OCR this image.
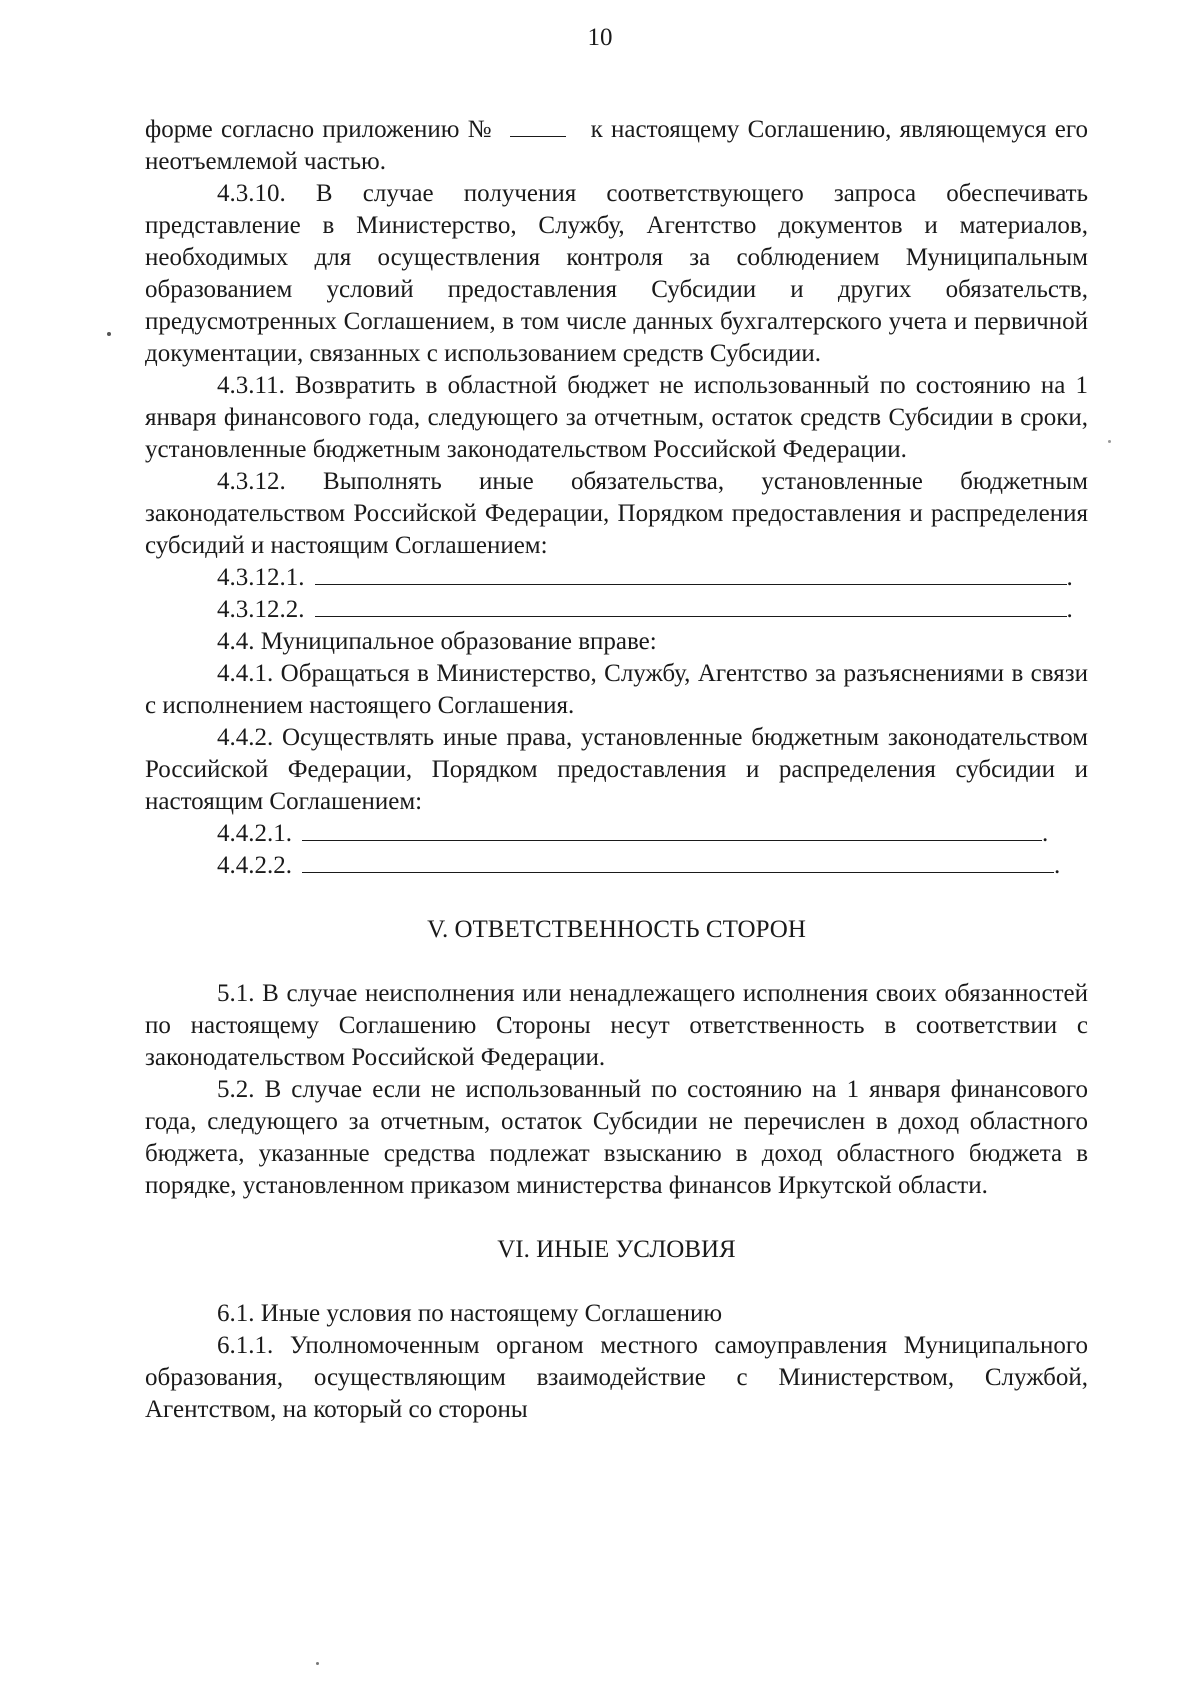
10

форме согласно приложению №	к настоящему Соглашению, являющемуся его неотъемлемой частью.

4.3.10. В случае получения соответствующего запроса обеспечивать представление в Министерство, Службу, Агентство документов и материалов, необходимых для осуществления контроля за соблюдением Муниципальным образованием условий предоставления Субсидии и других обязательств, предусмотренных Соглашением, в том числе данных бухгалтерского учета и первичной документации, связанных с использованием средств Субсидии.

4.3.11. Возвратить в областной бюджет не использованный по состоянию на 1 января финансового года, следующего за отчетным, остаток средств Субсидии в сроки, установленные бюджетным законодательством Российской Федерации.

4.3.12. Выполнять иные обязательства, установленные бюджетным законодательством Российской Федерации, Порядком предоставления и распределения субсидий и настоящим Соглашением:

4.3.12.1.	.

4.3.12.2.	.

4.4. Муниципальное образование вправе:

4.4.1. Обращаться в Министерство, Службу, Агентство за разъяснениями в связи с исполнением настоящего Соглашения.

4.4.2. Осуществлять иные права, установленные бюджетным законодательством Российской Федерации, Порядком предоставления и распределения субсидии и настоящим Соглашением:

4.4.2.1.	.

4.4.2.2.	.

V. ОТВЕТСТВЕННОСТЬ СТОРОН

5.1. В случае неисполнения или ненадлежащего исполнения своих обязанностей по настоящему Соглашению Стороны несут ответственность в соответствии с законодательством Российской Федерации.

5.2. В случае если не использованный по состоянию на 1 января финансового года, следующего за отчетным, остаток Субсидии не перечислен в доход областного бюджета, указанные средства подлежат взысканию в доход областного бюджета в порядке, установленном приказом министерства финансов Иркутской области.

VI. ИНЫЕ УСЛОВИЯ

6.1. Иные условия по настоящему Соглашению

6.1.1. Уполномоченным органом местного самоуправления Муниципального образования, осуществляющим взаимодействие с Министерством, Службой, Агентством, на который со стороны
